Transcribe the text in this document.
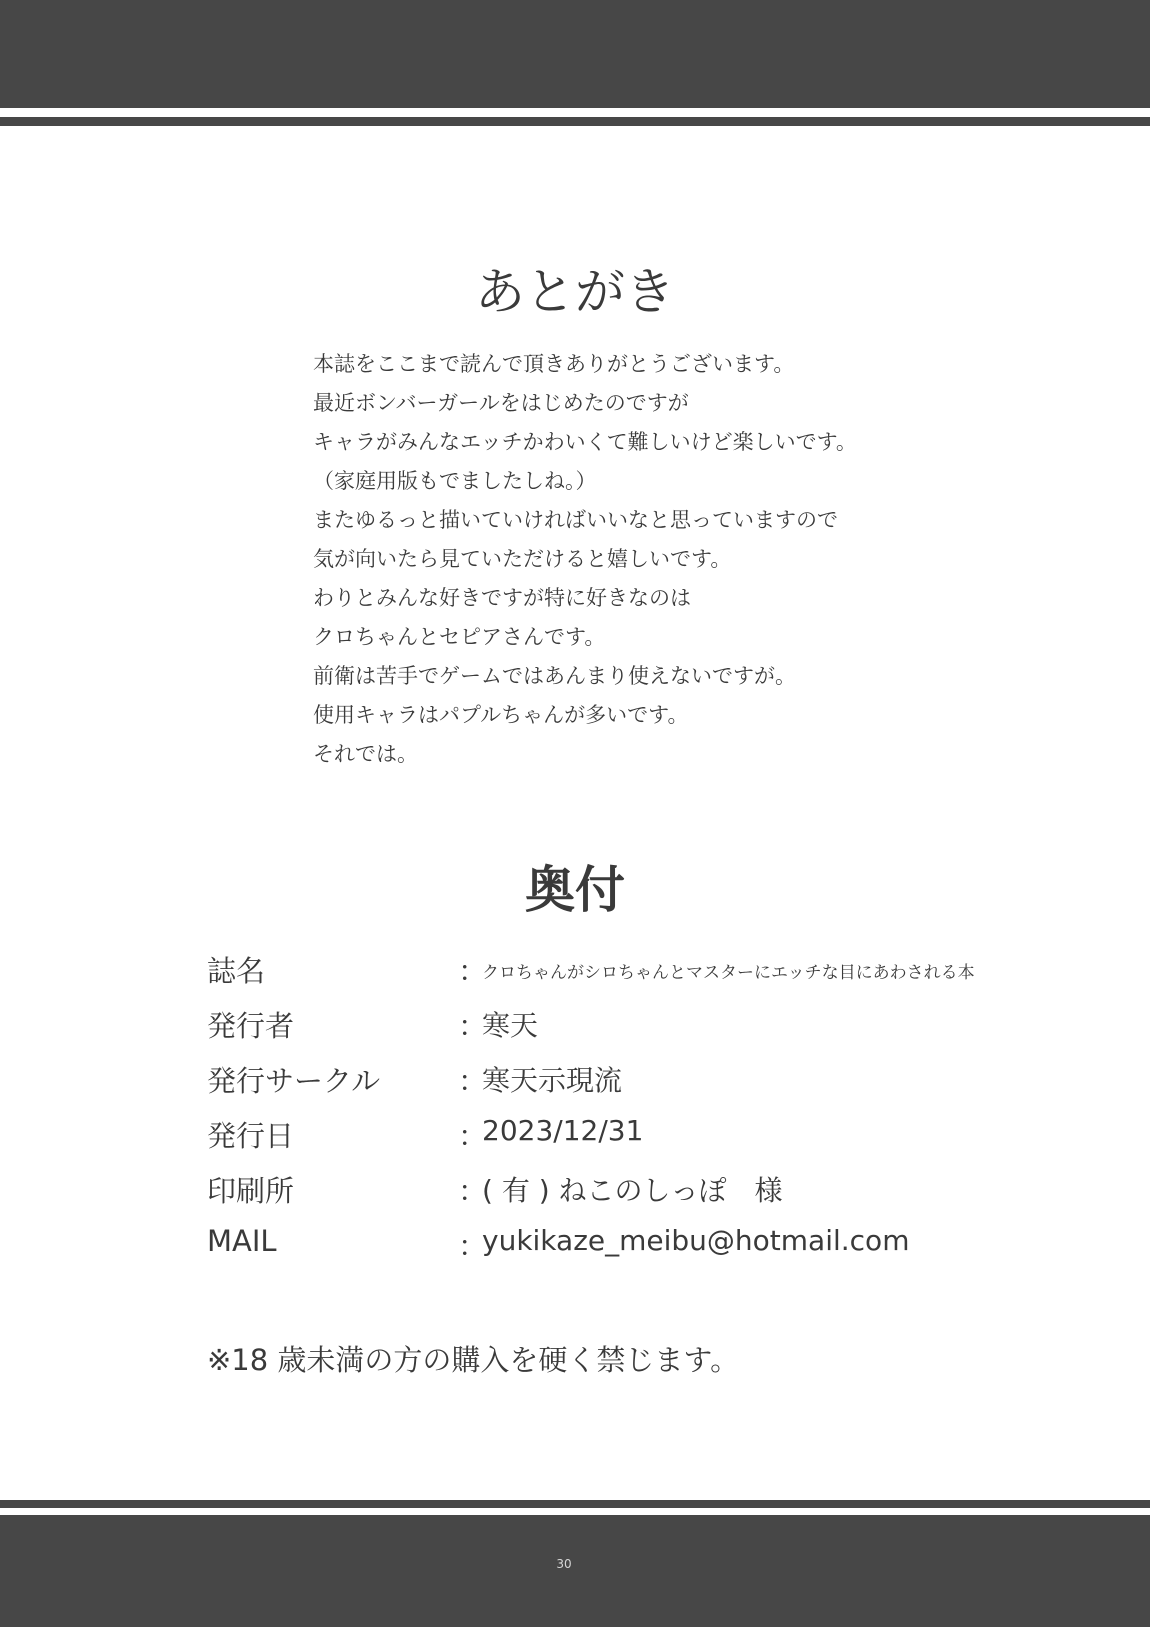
あとがき
本誌をここまで読んで頂きありがとうございます。
最近ボンバーガールをはじめたのですが
キャラがみんなエッチかわいくて難しいけど楽しいです。
（家庭用版もでましたしね。）
またゆるっと描いていければいいなと思っていますので
気が向いたら見ていただけると嬉しいです。
わりとみんな好きですが特に好きなのは
クロちゃんとセピアさんです。
前衛は苦手でゲームではあんまり使えないですが。
使用キャラはパプルちゃんが多いです。
それでは。
奥付
誌名	：
クロちゃんがシロちゃんとマスターにエッチな目にあわされる本
発行者	：
寒天
発行サークル	：
寒天示現流
発行日	：
2023/12/31
印刷所	：
( 有 ) ねこのしっぽ　様
MAIL	：
yukikaze_meibu@hotmail.com
※18 歳未満の方の購入を硬く禁じます。
30
